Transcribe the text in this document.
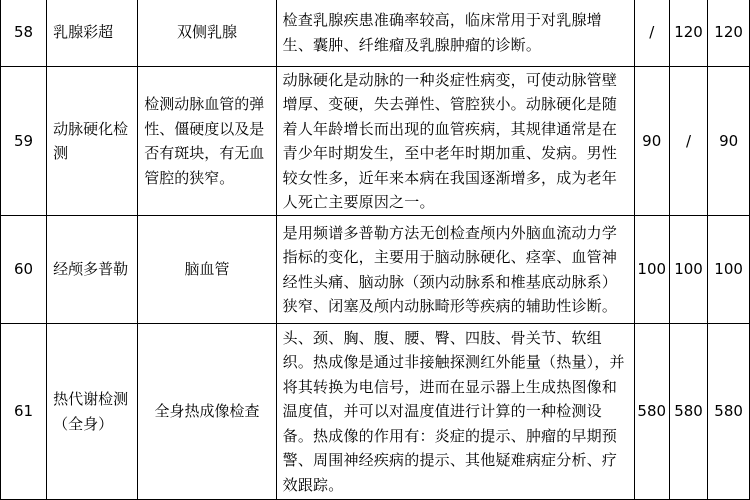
58	乳腺彩超	双侧乳腺	检查乳腺疾患准确率较高，临床常用于对乳腺增生、囊肿、纤维瘤及乳腺肿瘤的诊断。	/	120	120
59	动脉硬化检测	检测动脉血管的弹性、僵硬度以及是否有斑块，有无血管腔的狭窄。	动脉硬化是动脉的一种炎症性病变，可使动脉管壁增厚、变硬，失去弹性、管腔狭小。动脉硬化是随着人年龄增长而出现的血管疾病，其规律通常是在青少年时期发生，至中老年时期加重、发病。男性较女性多，近年来本病在我国逐渐增多，成为老年人死亡主要原因之一。	90	/	90
60	经颅多普勒	脑血管	是用频谱多普勒方法无创检查颅内外脑血流动力学指标的变化，主要用于脑动脉硬化、痉挛、血管神经性头痛、脑动脉（颈内动脉系和椎基底动脉系）狭窄、闭塞及颅内动脉畸形等疾病的辅助性诊断。	100	100	100
61	热代谢检测（全身）	全身热成像检查	头、颈、胸、腹、腰、臀、四肢、骨关节、软组织。热成像是通过非接触探测红外能量（热量），并将其转换为电信号，进而在显示器上生成热图像和温度值，并可以对温度值进行计算的一种检测设备。热成像的作用有：炎症的提示、肿瘤的早期预警、周围神经疾病的提示、其他疑难病症分析、疗效跟踪。	580	580	580
